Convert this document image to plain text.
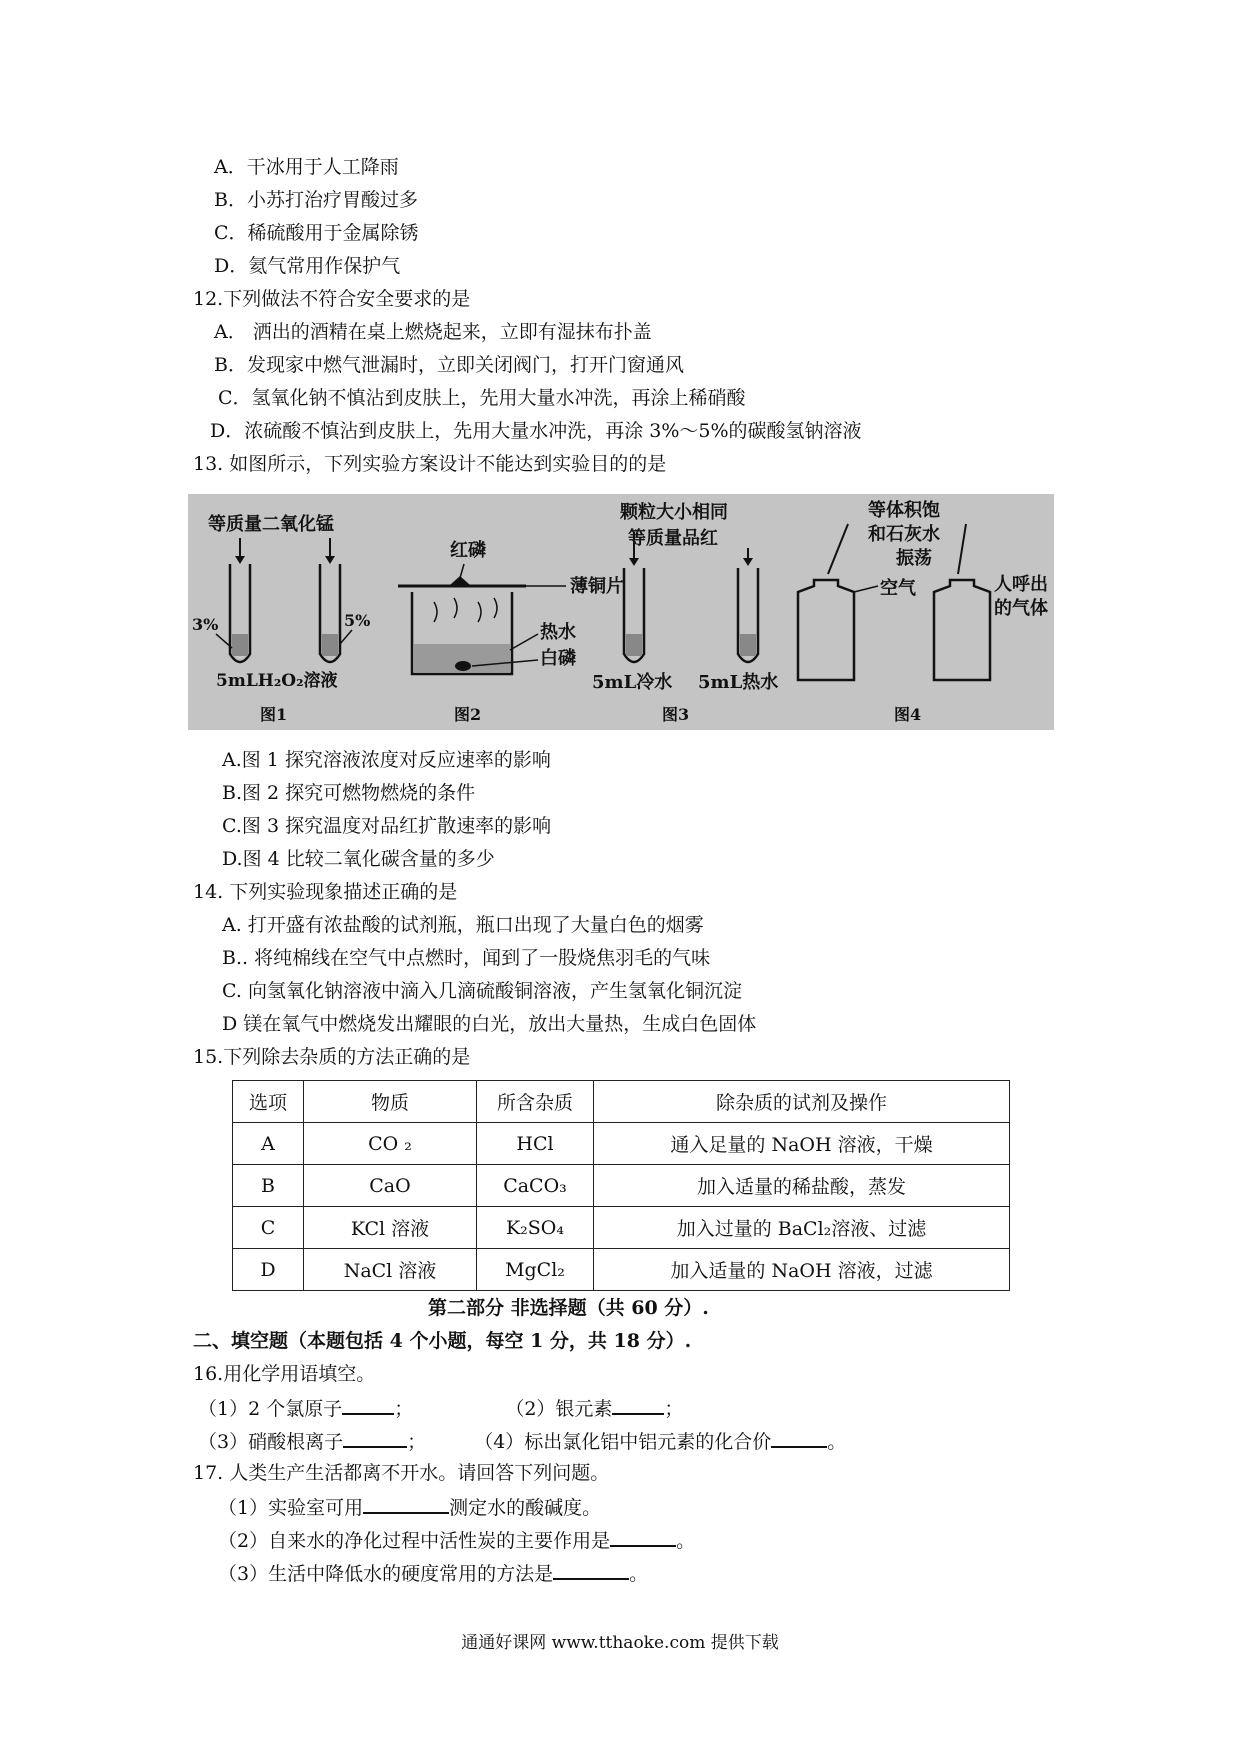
A．干冰用于人工降雨
B．小苏打治疗胃酸过多
C．稀硫酸用于金属除锈
D．氦气常用作保护气
12.下列做法不符合安全要求的是
A． 洒出的酒精在桌上燃烧起来，立即有湿抹布扑盖
B．发现家中燃气泄漏时，立即关闭阀门，打开门窗通风
C．氢氧化钠不慎沾到皮肤上，先用大量水冲洗，再涂上稀硝酸
D．浓硫酸不慎沾到皮肤上，先用大量水冲洗，再涂 3%～5%的碳酸氢钠溶液
13. 如图所示，下列实验方案设计不能达到实验目的的是
等质量二氧化锰
3%	5%
5mLH₂O₂溶液
图1
红磷
薄铜片
热水
白磷
图2
颗粒大小相同
等质量品红
5mL冷水 5mL热水
图3
等体积饱
和石灰水
振荡
空气	人呼出
的气体
图4
A.图 1 探究溶液浓度对反应速率的影响
B.图 2 探究可燃物燃烧的条件
C.图 3 探究温度对品红扩散速率的影响
D.图 4 比较二氧化碳含量的多少
14. 下列实验现象描述正确的是
A. 打开盛有浓盐酸的试剂瓶，瓶口出现了大量白色的烟雾
B.. 将纯棉线在空气中点燃时，闻到了一股烧焦羽毛的气味
C. 向氢氧化钠溶液中滴入几滴硫酸铜溶液，产生氢氧化铜沉淀
D 镁在氧气中燃烧发出耀眼的白光，放出大量热，生成白色固体
15.下列除去杂质的方法正确的是
选项	物质	所含杂质	除杂质的试剂及操作
A	CO ₂	HCl	通入足量的 NaOH 溶液，干燥
B	CaO	CaCO₃	加入适量的稀盐酸，蒸发
C	KCl 溶液	K₂SO₄	加入过量的 BaCl₂溶液、过滤
D	NaCl 溶液	MgCl₂	加入适量的 NaOH 溶液，过滤
第二部分 非选择题（共 60 分）.
二、填空题（本题包括 4 个小题，每空 1 分，共 18 分）.
16.用化学用语填空。
（1）2 个氯原子	；	（2）银元素	；
（3）硝酸根离子	；	（4）标出氯化铝中铝元素的化合价	。
17. 人类生产生活都离不开水。请回答下列问题。
（1）实验室可用	测定水的酸碱度。
（2）自来水的净化过程中活性炭的主要作用是	。
（3）生活中降低水的硬度常用的方法是	。
通通好课网 www.tthaoke.com 提供下载
